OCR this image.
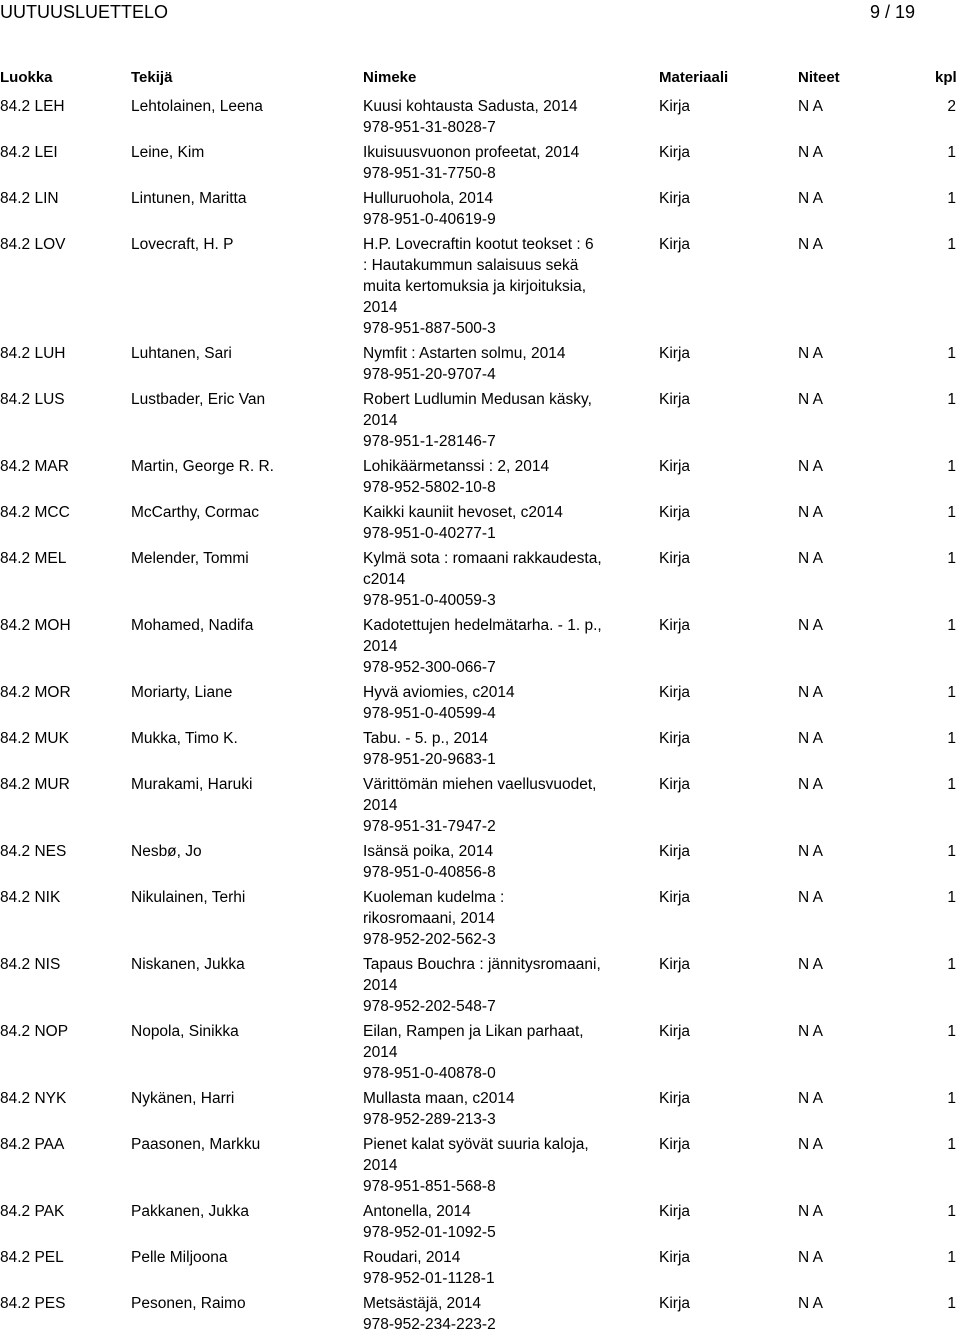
UUTUUSLUETTELO	9 / 19
Luokka	Tekijä	Nimeke	Materiaali	Niteet	kpl
84.2 LEH	Lehtolainen, Leena	Kuusi kohtausta Sadusta, 2014
978-951-31-8028-7
Kirja	N A	2
84.2 LEI	Leine, Kim	Ikuisuusvuonon profeetat, 2014
978-951-31-7750-8
Kirja	N A	1
84.2 LIN	Lintunen, Maritta	Hulluruohola, 2014
978-951-0-40619-9
Kirja	N A	1
84.2 LOV	Lovecraft, H. P	H.P. Lovecraftin kootut teokset : 6
: Hautakummun salaisuus sekä
muita kertomuksia ja kirjoituksia,
2014
978-951-887-500-3
Kirja	N A	1
84.2 LUH	Luhtanen, Sari	Nymfit : Astarten solmu, 2014
978-951-20-9707-4
Kirja	N A	1
84.2 LUS	Lustbader, Eric Van	Robert Ludlumin Medusan käsky,
2014
978-951-1-28146-7
Kirja	N A	1
84.2 MAR	Martin, George R. R.	Lohikäärmetanssi : 2, 2014
978-952-5802-10-8
Kirja	N A	1
84.2 MCC	McCarthy, Cormac	Kaikki kauniit hevoset, c2014
978-951-0-40277-1
Kirja	N A	1
84.2 MEL	Melender, Tommi	Kylmä sota : romaani rakkaudesta,
c2014
978-951-0-40059-3
Kirja	N A	1
84.2 MOH	Mohamed, Nadifa	Kadotettujen hedelmätarha. - 1. p.,
2014
978-952-300-066-7
Kirja	N A	1
84.2 MOR	Moriarty, Liane	Hyvä aviomies, c2014
978-951-0-40599-4
Kirja	N A	1
84.2 MUK	Mukka, Timo K.	Tabu. - 5. p., 2014
978-951-20-9683-1
Kirja	N A	1
84.2 MUR	Murakami, Haruki	Värittömän miehen vaellusvuodet,
2014
978-951-31-7947-2
Kirja	N A	1
84.2 NES	Nesbø, Jo	Isänsä poika, 2014
978-951-0-40856-8
Kirja	N A	1
84.2 NIK	Nikulainen, Terhi	Kuoleman kudelma :
rikosromaani, 2014
978-952-202-562-3
Kirja	N A	1
84.2 NIS	Niskanen, Jukka	Tapaus Bouchra : jännitysromaani,
2014
978-952-202-548-7
Kirja	N A	1
84.2 NOP	Nopola, Sinikka	Eilan, Rampen ja Likan parhaat,
2014
978-951-0-40878-0
Kirja	N A	1
84.2 NYK	Nykänen, Harri	Mullasta maan, c2014
978-952-289-213-3
Kirja	N A	1
84.2 PAA	Paasonen, Markku	Pienet kalat syövät suuria kaloja,
2014
978-951-851-568-8
Kirja	N A	1
84.2 PAK	Pakkanen, Jukka	Antonella, 2014
978-952-01-1092-5
Kirja	N A	1
84.2 PEL	Pelle Miljoona	Roudari, 2014
978-952-01-1128-1
Kirja	N A	1
84.2 PES	Pesonen, Raimo	Metsästäjä, 2014
978-952-234-223-2
Kirja	N A	1
